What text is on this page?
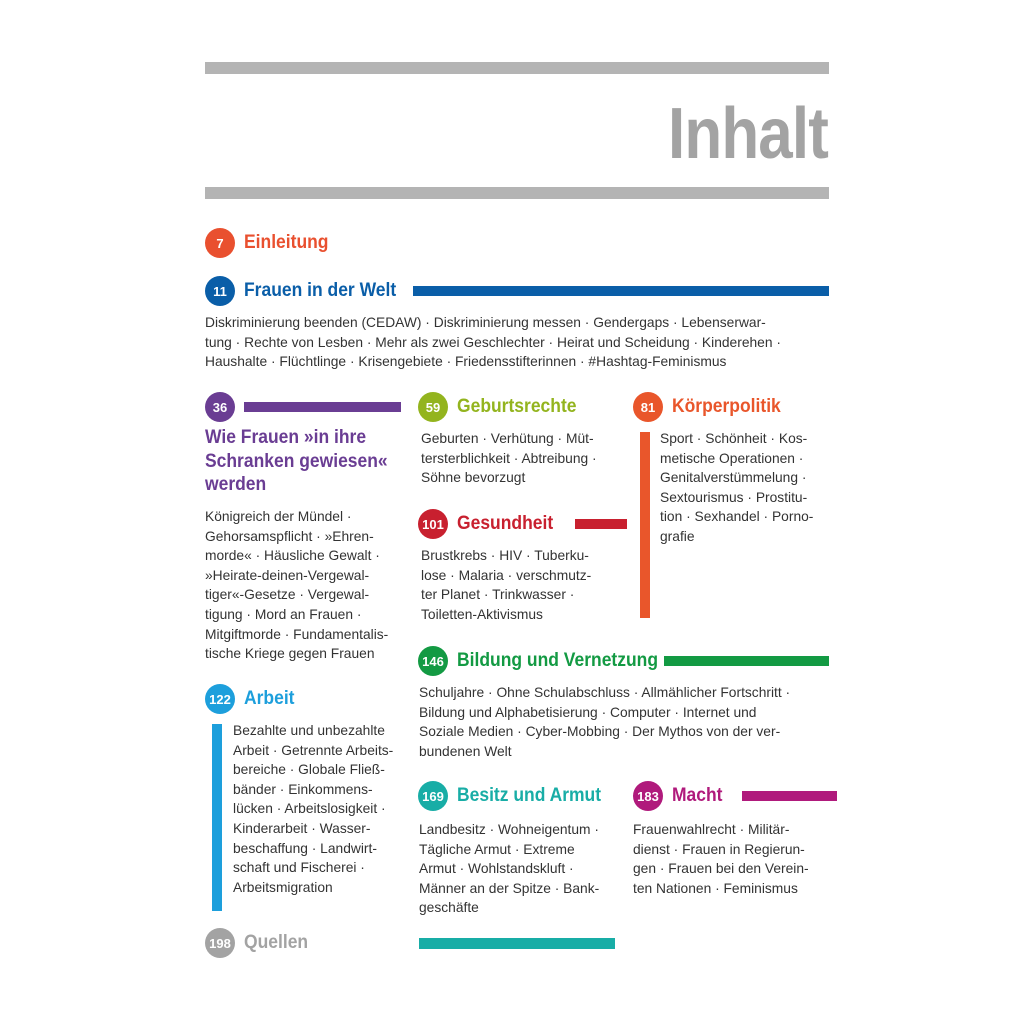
Inhalt
7	Einleitung
11 Frauen in der Welt
Diskriminierung beenden (CEDAW) · Diskriminierung messen · Gendergaps · Lebenserwar-
tung · Rechte von Lesben · Mehr als zwei Geschlechter · Heirat und Scheidung · Kinderehen ·
Haushalte · Flüchtlinge · Krisengebiete · Friedensstifterinnen · #Hashtag-Feminismus
36
Wie Frauen »in ihre
Schranken gewiesen«
werden
Königreich der Mündel ·
Gehorsamspflicht · »Ehren-
morde« · Häusliche Gewalt ·
»Heirate-deinen-Vergewal-
tiger«-Gesetze · Vergewal-
tigung · Mord an Frauen ·
Mitgiftmorde · Fundamentalis-
tische Kriege gegen Frauen
59 Geburtsrechte
Geburten · Verhütung · Müt-
tersterblichkeit · Abtreibung ·
Söhne bevorzugt
81 Körperpolitik
Sport · Schönheit · Kos-
metische Operationen ·
Genitalverstümmelung ·
Sextourismus · Prostitu-
tion · Sexhandel · Porno-
grafie
101 Gesundheit
Brustkrebs · HIV · Tuberku-
lose · Malaria · verschmutz-
ter Planet · Trinkwasser ·
Toiletten-Aktivismus
146 Bildung und Vernetzung
Schuljahre · Ohne Schulabschluss · Allmählicher Fortschritt ·
Bildung und Alphabetisierung · Computer · Internet und
Soziale Medien · Cyber-Mobbing · Der Mythos von der ver-
bundenen Welt
122 Arbeit
Bezahlte und unbezahlte
Arbeit · Getrennte Arbeits-
bereiche · Globale Fließ-
bänder · Einkommens-
lücken · Arbeitslosigkeit ·
Kinderarbeit · Wasser-
beschaffung · Landwirt-
schaft und Fischerei ·
Arbeitsmigration
169 Besitz und Armut
Landbesitz · Wohneigentum ·
Tägliche Armut · Extreme
Armut · Wohlstandskluft ·
Männer an der Spitze · Bank-
geschäfte
183 Macht
Frauenwahlrecht · Militär-
dienst · Frauen in Regierun-
gen · Frauen bei den Verein-
ten Nationen · Feminismus
198 Quellen
